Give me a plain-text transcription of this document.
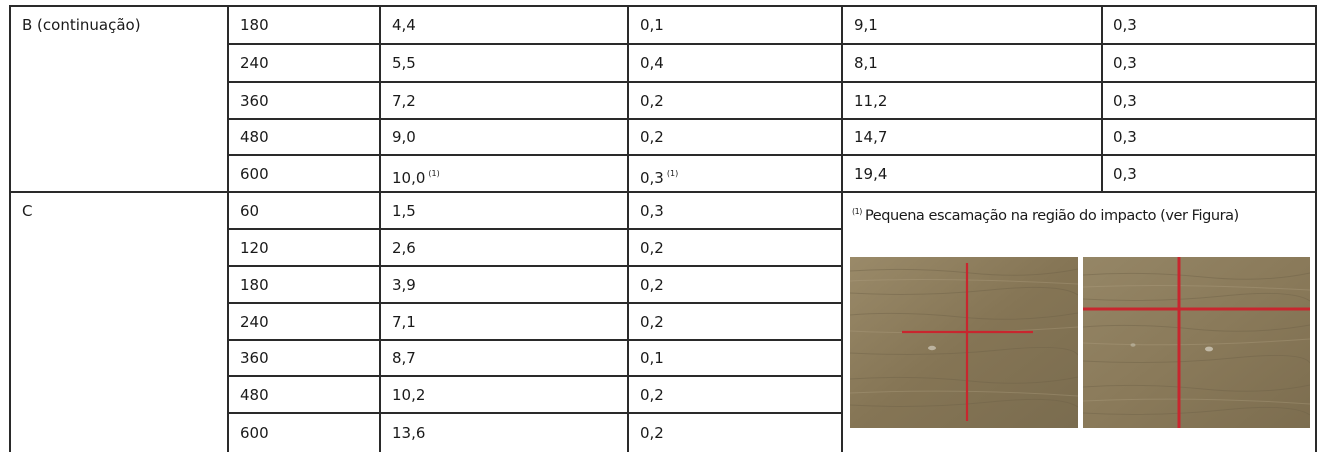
$^{(1)}$ Pequena escamação na região do impacto (ver Figura)
B (continuação)	180	4,4	0,1	9,1	0,3
240	5,5	0,4	8,1	0,3
360	7,2	0,2	11,2	0,3
480	9,0	0,2	14,7	0,3
600	10,0 $^{(1)}$	0,3 $^{(1)}$	19,4	0,3
C	60	1,5	0,3
120	2,6	0,2
180	3,9	0,2
240	7,1	0,2
360	8,7	0,1
480	10,2	0,2
600	13,6	0,2
